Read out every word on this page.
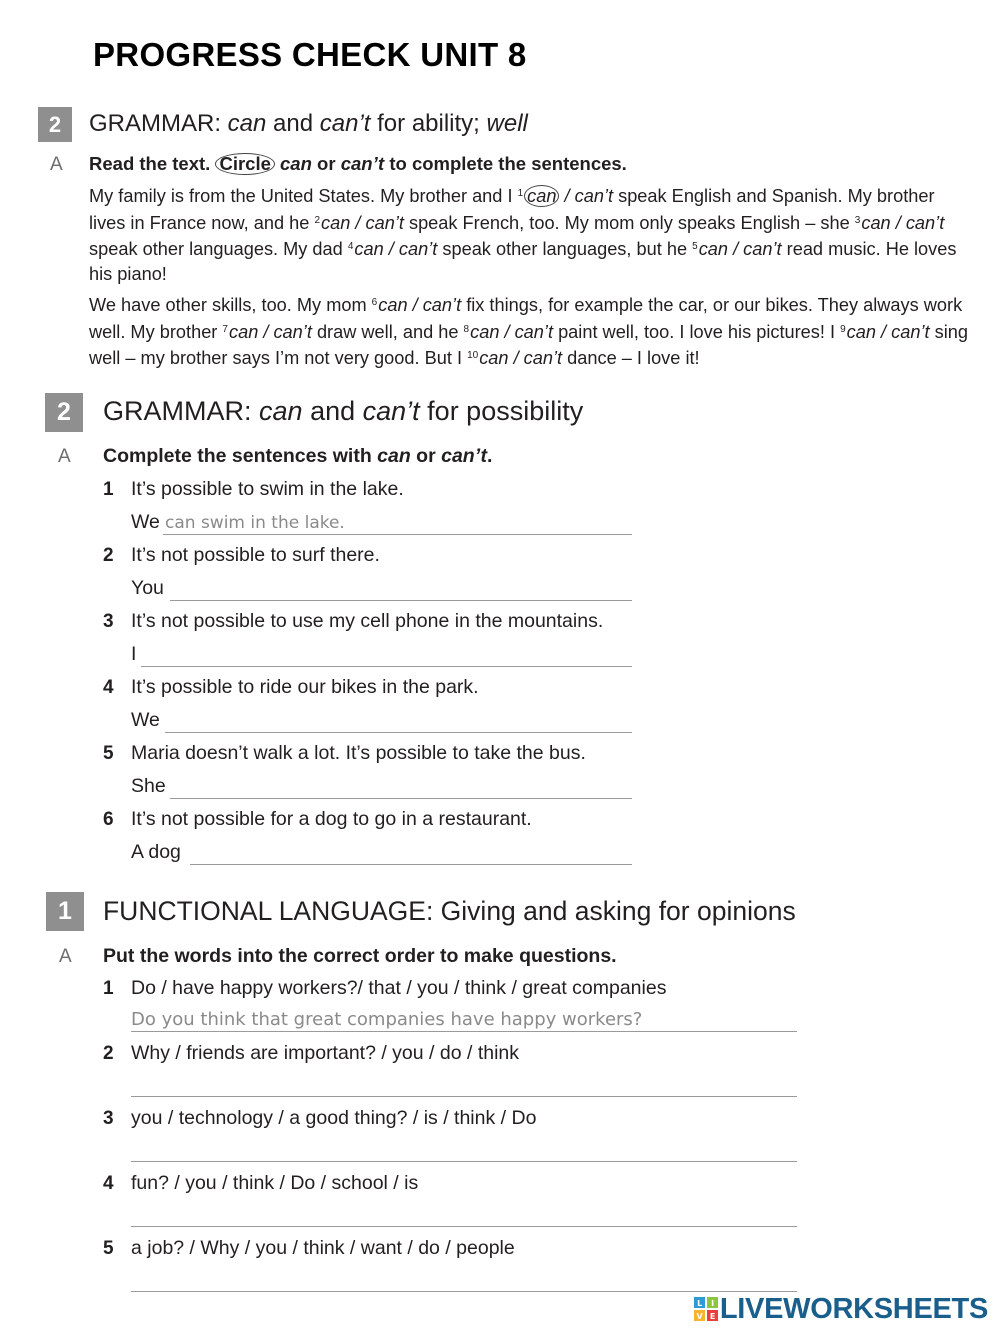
PROGRESS CHECK UNIT 8
2 GRAMMAR: can and can’t for ability; well
A Read the text. Circle can or can’t to complete the sentences.

My family is from the United States. My brother and I $^1$ can / can’t speak English and Spanish. My brother lives in France now, and he $^2$can / can’t speak French, too. My mom only speaks English – she $^3$can / can’t speak other languages. My dad $^4$can / can’t speak other languages, but he $^5$can / can’t read music. He loves his piano!

We have other skills, too. My mom $^6$can / can’t fix things, for example the car, or our bikes. They always work well. My brother $^7$can / can’t draw well, and he $^8$can / can’t paint well, too. I love his pictures! I $^9$can / can’t sing well – my brother says I’m not very good. But I $^{10}$can / can’t dance – I love it!

2 GRAMMAR: can and can’t for possibility
A Complete the sentences with can or can’t.
1 It’s possible to swim in the lake.
We can swim in the lake.
2 It’s not possible to surf there.
You
3 It’s not possible to use my cell phone in the mountains.
I
4 It’s possible to ride our bikes in the park.
We
5 Maria doesn’t walk a lot. It’s possible to take the bus.
She
6 It’s not possible for a dog to go in a restaurant.
A dog
1 FUNCTIONAL LANGUAGE: Giving and asking for opinions
A Put the words into the correct order to make questions.
1 Do / have happy workers?/ that / you / think / great companies
Do you think that great companies have happy workers?
2 Why / friends are important? / you / do / think
3 you / technology / a good thing? / is / think / Do
4 fun? / you / think / Do / school / is
5 a job? / Why / you / think / want / do / people
L I
V E LIVEWORKSHEETS
